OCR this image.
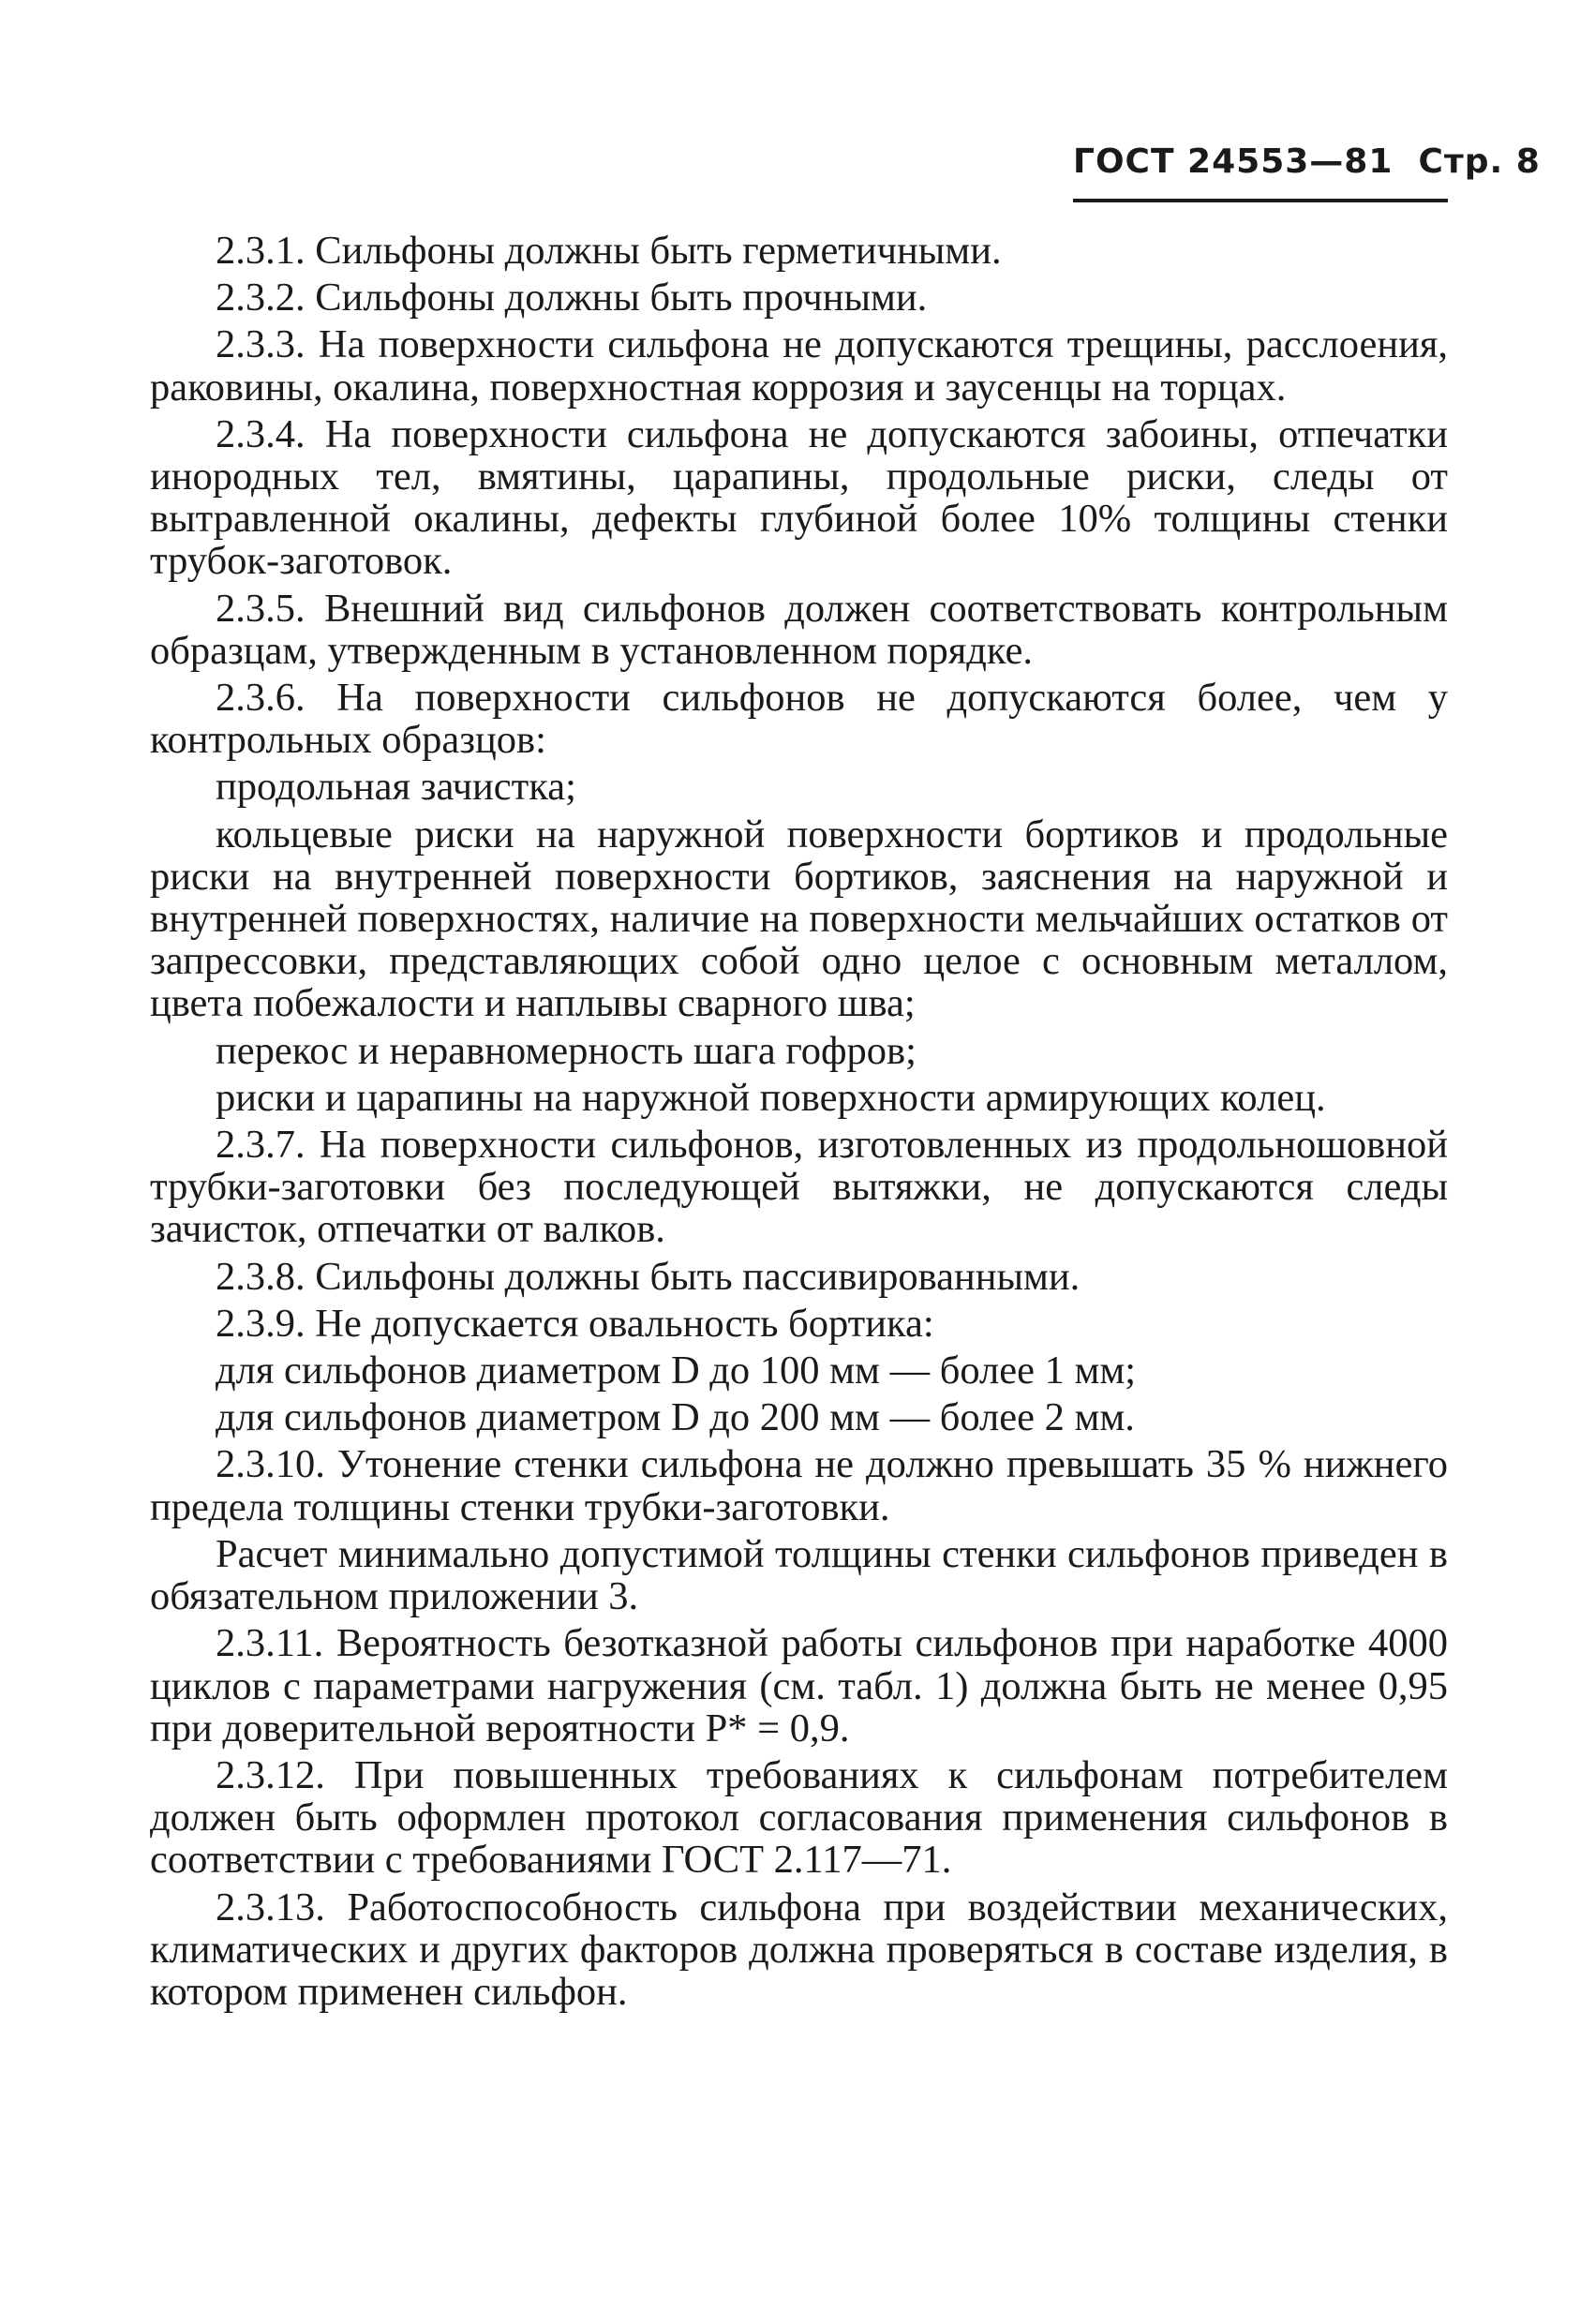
ГОСТ 24553—81 Стр. 8

2.3.1. Сильфоны должны быть герметичными.

2.3.2. Сильфоны должны быть прочными.

2.3.3. На поверхности сильфона не допускаются трещины, расслоения, раковины, окалина, поверхностная коррозия и заусенцы на торцах.

2.3.4. На поверхности сильфона не допускаются забоины, отпечатки инородных тел, вмятины, царапины, продольные риски, следы от вытравленной окалины, дефекты глубиной более 10% толщины стенки трубок-заготовок.

2.3.5. Внешний вид сильфонов должен соответствовать контрольным образцам, утвержденным в установленном порядке.

2.3.6. На поверхности сильфонов не допускаются более, чем у контрольных образцов:

продольная зачистка;

кольцевые риски на наружной поверхности бортиков и продольные риски на внутренней поверхности бортиков, заяснения на наружной и внутренней поверхностях, наличие на поверхности мельчайших остатков от запрессовки, представляющих собой одно целое с основным металлом, цвета побежалости и наплывы сварного шва;

перекос и неравномерность шага гофров;

риски и царапины на наружной поверхности армирующих колец.

2.3.7. На поверхности сильфонов, изготовленных из продольношовной трубки-заготовки без последующей вытяжки, не допускаются следы зачисток, отпечатки от валков.

2.3.8. Сильфоны должны быть пассивированными.

2.3.9. Не допускается овальность бортика:

для сильфонов диаметром D до 100 мм — более 1 мм;

для сильфонов диаметром D до 200 мм — более 2 мм.

2.3.10. Утонение стенки сильфона не должно превышать 35 % нижнего предела толщины стенки трубки-заготовки.

Расчет минимально допустимой толщины стенки сильфонов приведен в обязательном приложении 3.

2.3.11. Вероятность безотказной работы сильфонов при наработке 4000 циклов с параметрами нагружения (см. табл. 1) должна быть не менее 0,95 при доверительной вероятности P* = 0,9.

2.3.12. При повышенных требованиях к сильфонам потребителем должен быть оформлен протокол согласования применения сильфонов в соответствии с требованиями ГОСТ 2.117—71.

2.3.13. Работоспособность сильфона при воздействии механических, климатических и других факторов должна проверяться в составе изделия, в котором применен сильфон.
